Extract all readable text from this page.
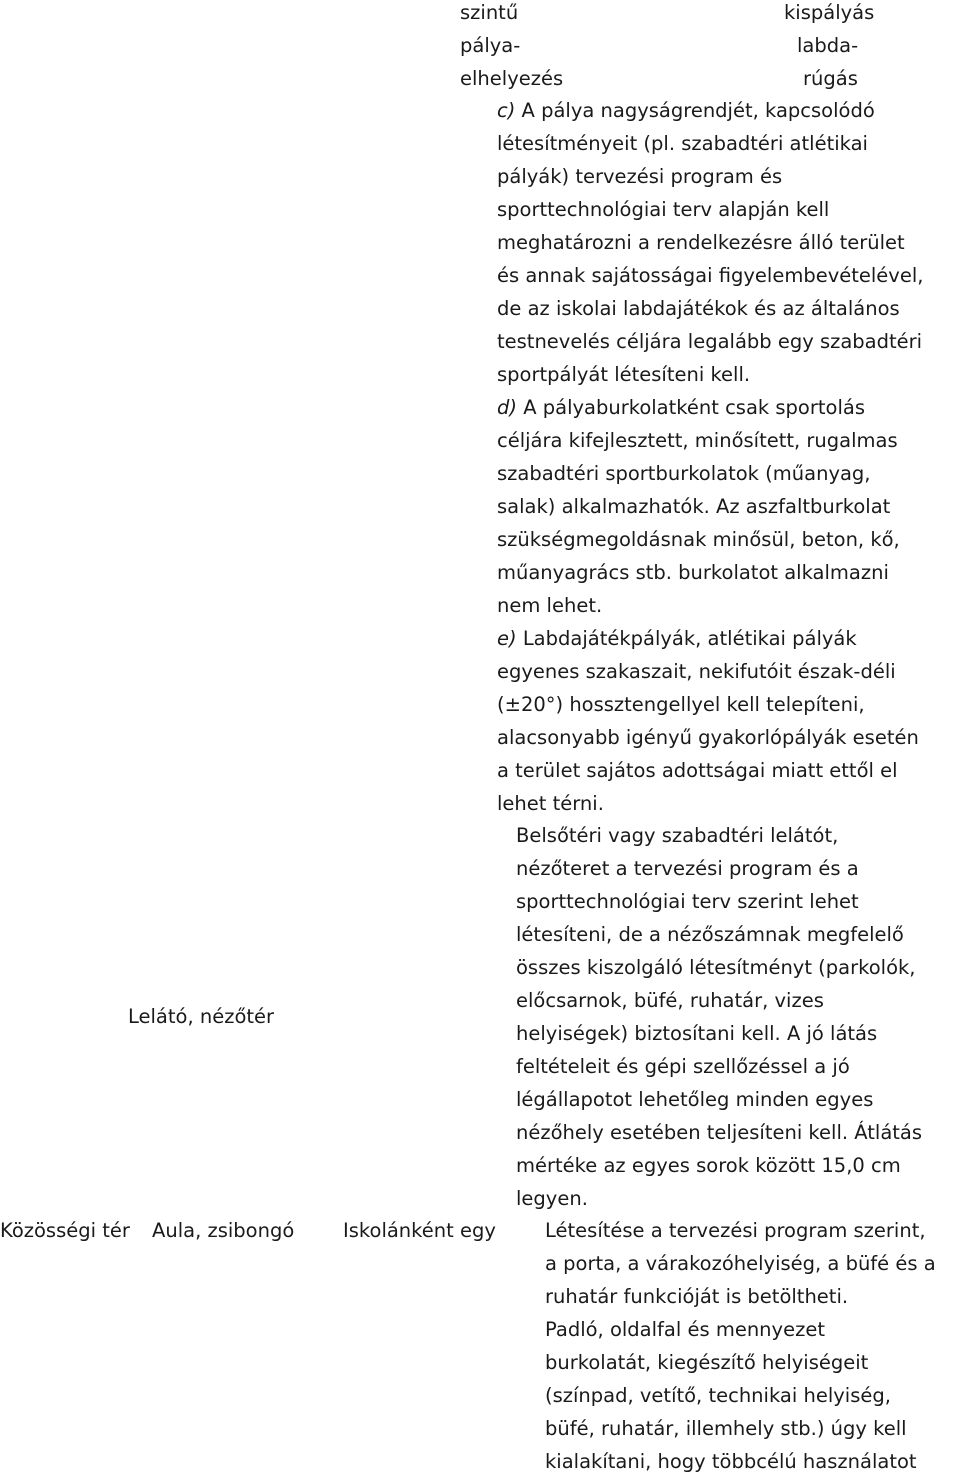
szintű
pálya-
elhelyezés
kispályás
labda-
rúgás
c) A pálya nagyságrendjét, kapcsolódó
létesítményeit (pl. szabadtéri atlétikai
pályák) tervezési program és
sporttechnológiai terv alapján kell
meghatározni a rendelkezésre álló terület
és annak sajátosságai figyelembevételével,
de az iskolai labdajátékok és az általános
testnevelés céljára legalább egy szabadtéri
sportpályát létesíteni kell.
d) A pályaburkolatként csak sportolás
céljára kifejlesztett, minősített, rugalmas
szabadtéri sportburkolatok (műanyag,
salak) alkalmazhatók. Az aszfaltburkolat
szükségmegoldásnak minősül, beton, kő,
műanyagrács stb. burkolatot alkalmazni
nem lehet.
e) Labdajátékpályák, atlétikai pályák
egyenes szakaszait, nekifutóit észak-déli
(±20°) hossztengellyel kell telepíteni,
alacsonyabb igényű gyakorlópályák esetén
a terület sajátos adottságai miatt ettől el
lehet térni.
Lelátó, nézőtér
Belsőtéri vagy szabadtéri lelátót,
nézőteret a tervezési program és a
sporttechnológiai terv szerint lehet
létesíteni, de a nézőszámnak megfelelő
összes kiszolgáló létesítményt (parkolók,
előcsarnok, büfé, ruhatár, vizes
helyiségek) biztosítani kell. A jó látás
feltételeit és gépi szellőzéssel a jó
légállapotot lehetőleg minden egyes
nézőhely esetében teljesíteni kell. Átlátás
mértéke az egyes sorok között 15,0 cm
legyen.
Közösségi tér Aula, zsibongó Iskolánként egy	Létesítése a tervezési program szerint,
a porta, a várakozóhelyiség, a büfé és a
ruhatár funkcióját is betöltheti.
Padló, oldalfal és mennyezet
burkolatát, kiegészítő helyiségeit
(színpad, vetítő, technikai helyiség,
büfé, ruhatár, illemhely stb.) úgy kell
kialakítani, hogy többcélú használatot
